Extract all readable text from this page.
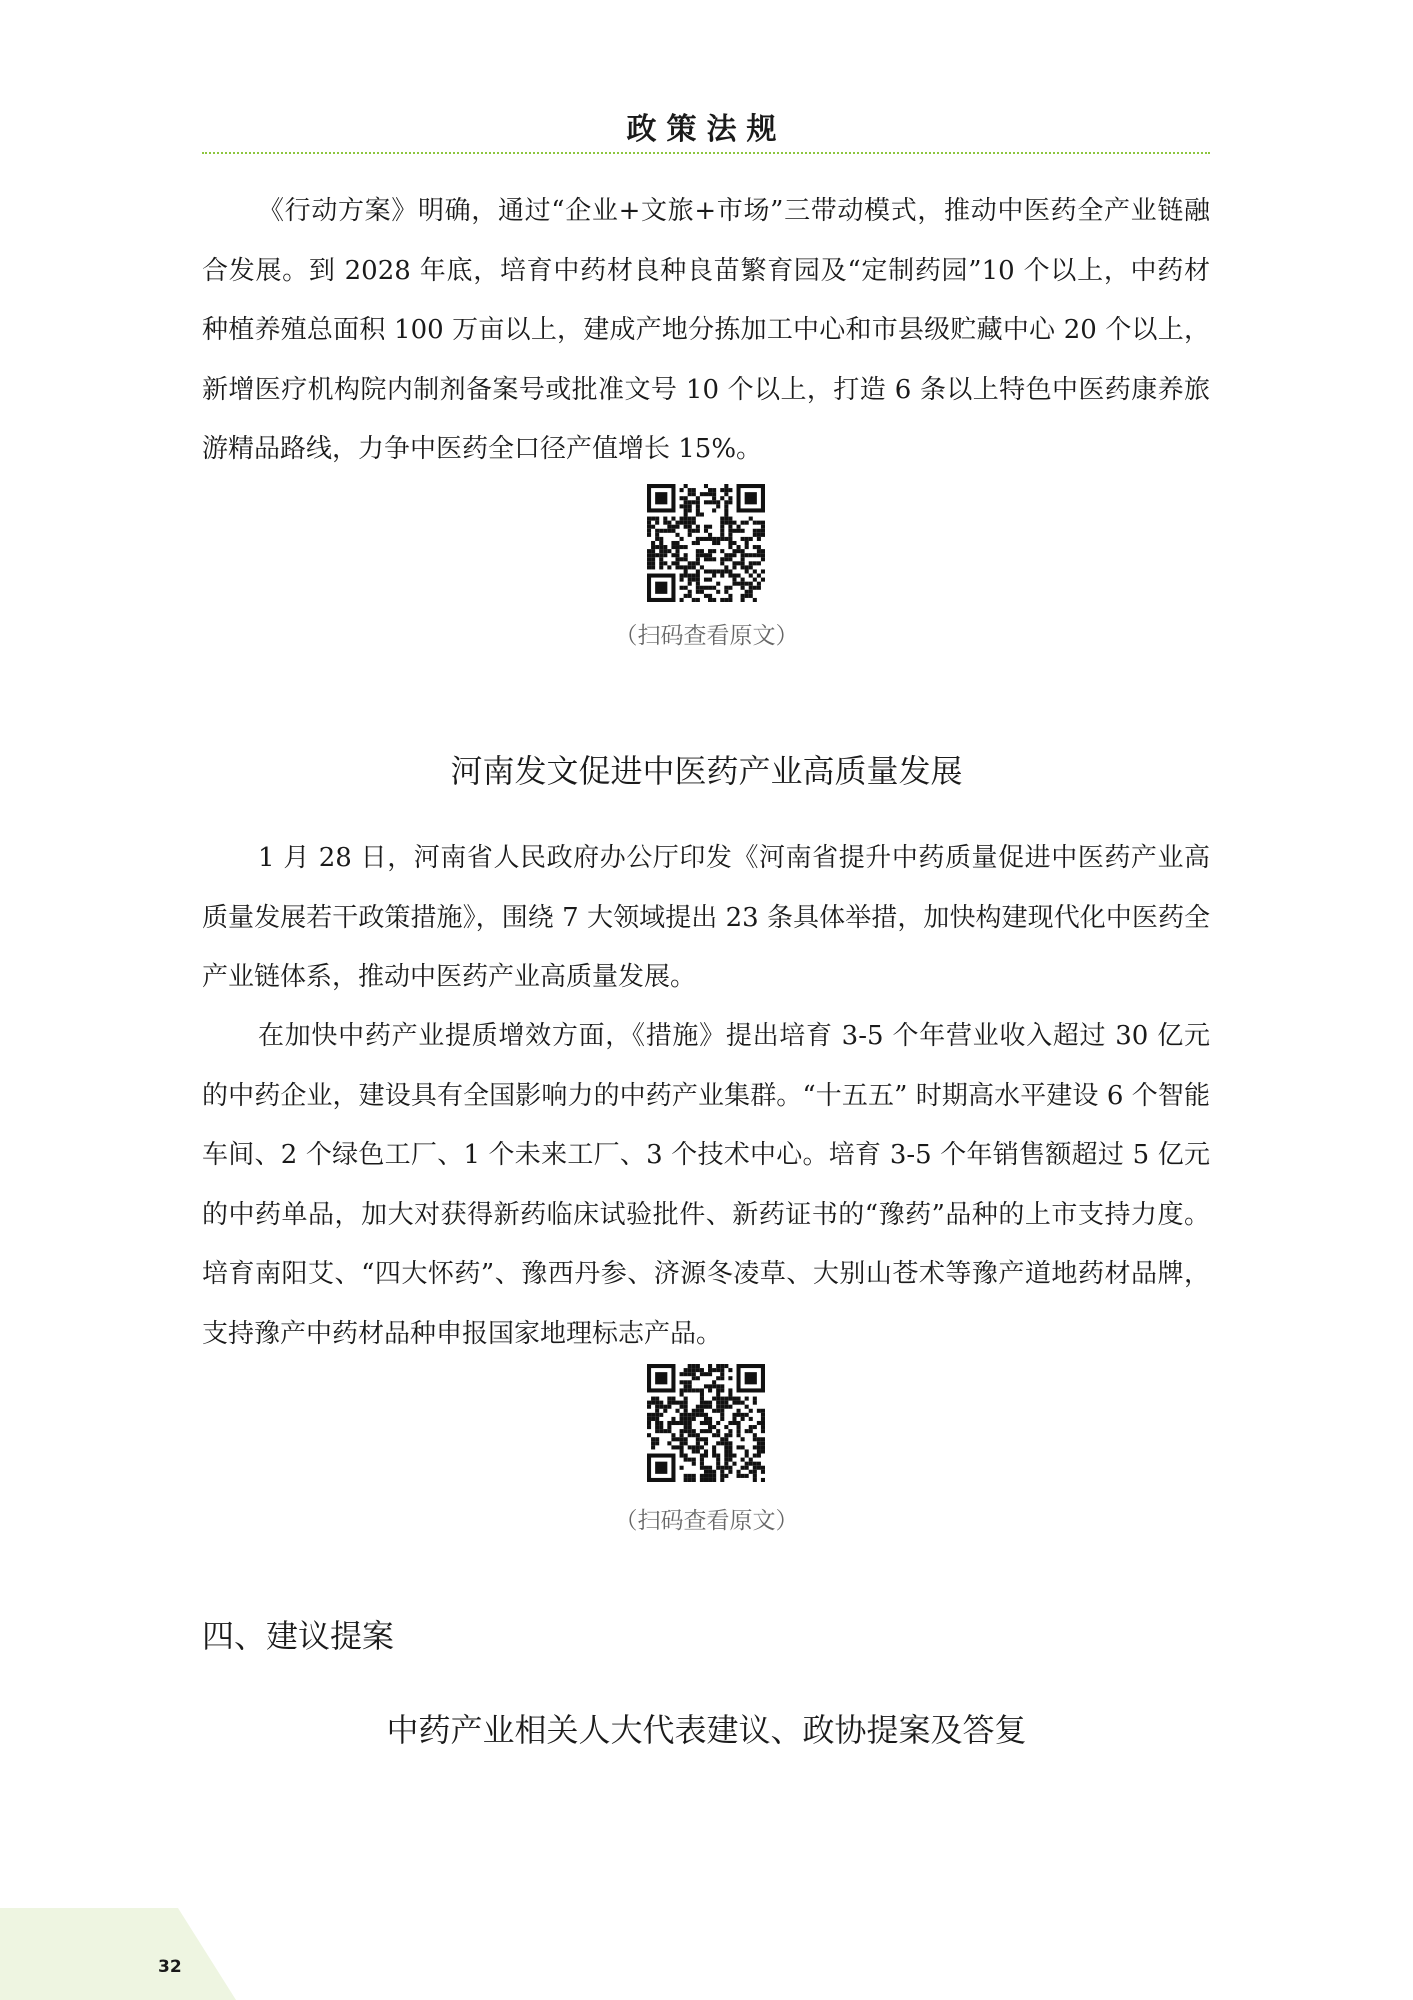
政策法规

《行动方案》明确，通过“企业+文旅+市场”三带动模式，推动中医药全产业链融合发展。到 2028 年底，培育中药材良种良苗繁育园及“定制药园”10 个以上，中药材种植养殖总面积 100 万亩以上，建成产地分拣加工中心和市县级贮藏中心 20 个以上，新增医疗机构院内制剂备案号或批准文号 10 个以上，打造 6 条以上特色中医药康养旅游精品路线，力争中医药全口径产值增长 15%。

（扫码查看原文）
河南发文促进中医药产业高质量发展

1 月 28 日，河南省人民政府办公厅印发《河南省提升中药质量促进中医药产业高质量发展若干政策措施》，围绕 7 大领域提出 23 条具体举措，加快构建现代化中医药全产业链体系，推动中医药产业高质量发展。

在加快中药产业提质增效方面，《措施》提出培育 3-5 个年营业收入超过 30 亿元的中药企业，建设具有全国影响力的中药产业集群。“十五五” 时期高水平建设 6 个智能车间、2 个绿色工厂、1 个未来工厂、3 个技术中心。培育 3-5 个年销售额超过 5 亿元的中药单品，加大对获得新药临床试验批件、新药证书的“豫药”品种的上市支持力度。培育南阳艾、“四大怀药”、豫西丹参、济源冬凌草、大别山苍术等豫产道地药材品牌，支持豫产中药材品种申报国家地理标志产品。

（扫码查看原文）
四、建议提案
中药产业相关人大代表建议、政协提案及答复
32
